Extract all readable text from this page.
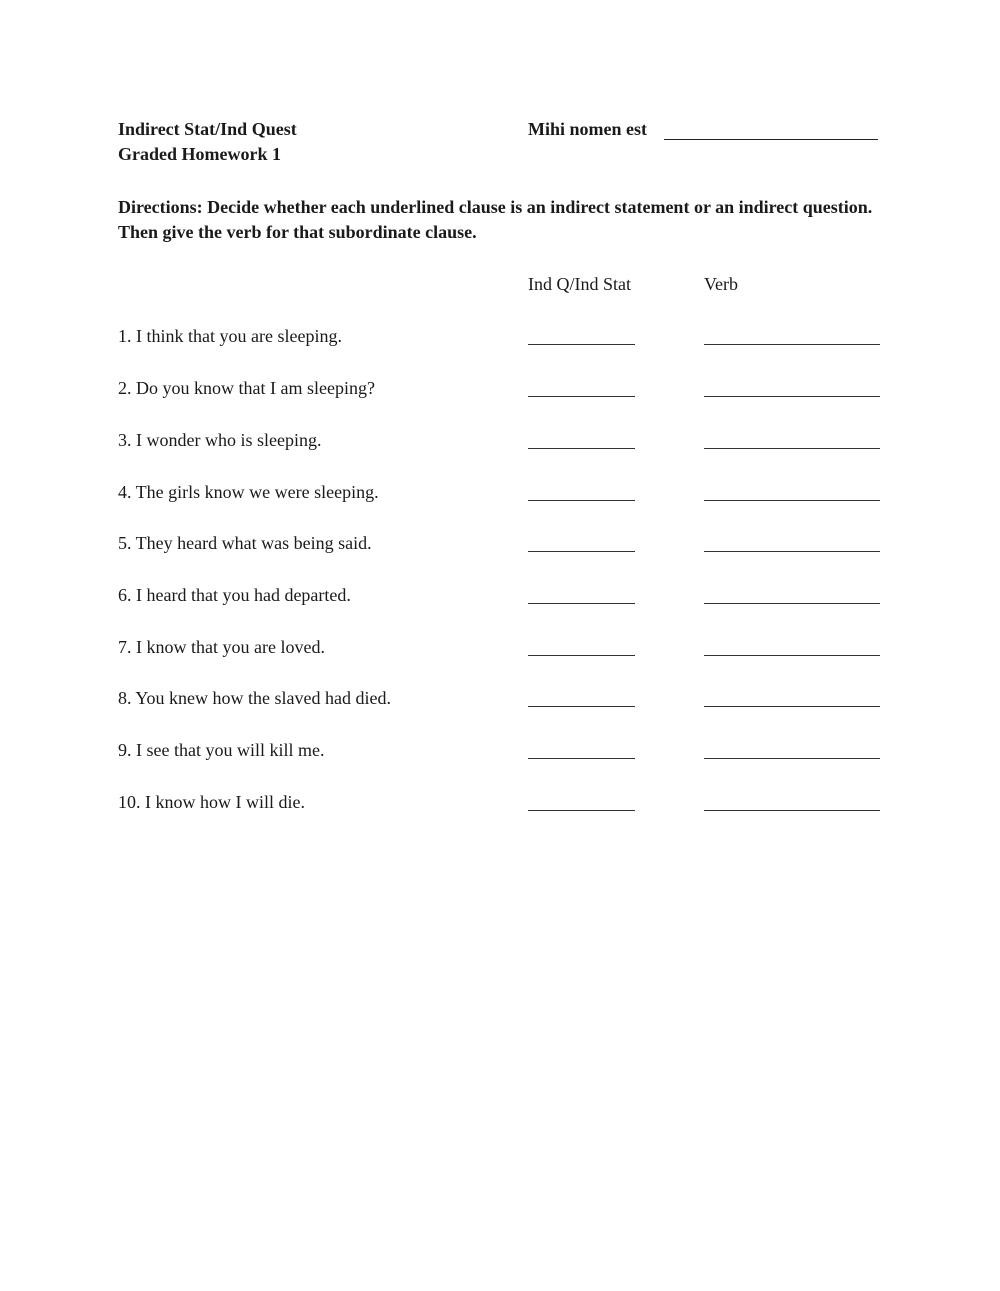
Indirect Stat/Ind Quest
Graded Homework 1
Mihi nomen est
Directions: Decide whether each underlined clause is an indirect statement or an indirect question. Then give the verb for that subordinate clause.
Ind Q/Ind Stat	Verb
1. I think that you are sleeping.
2. Do you know that I am sleeping?
3. I wonder who is sleeping.
4. The girls know we were sleeping.
5. They heard what was being said.
6. I heard that you had departed.
7. I know that you are loved.
8. You knew how the slaved had died.
9. I see that you will kill me.
10. I know how I will die.
